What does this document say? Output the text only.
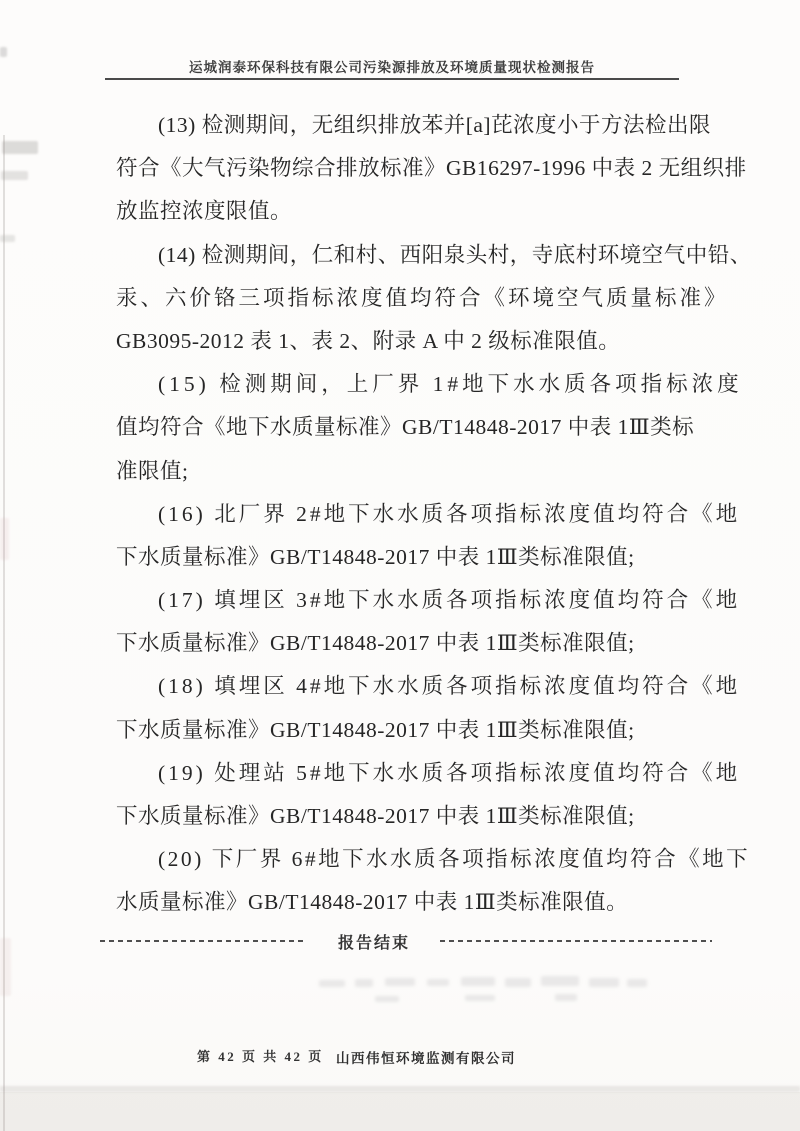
运城润泰环保科技有限公司污染源排放及环境质量现状检测报告
(13) 检测期间，无组织排放苯并[a]芘浓度小于方法检出限
符合《大气污染物综合排放标准》GB16297-1996 中表 2 无组织排
放监控浓度限值。
(14) 检测期间，仁和村、西阳泉头村，寺底村环境空气中铅、
汞、六价铬三项指标浓度值均符合《环境空气质量标准》
GB3095-2012 表 1、表 2、附录 A 中 2 级标准限值。
(15) 检测期间，上厂界 1#地下水水质各项指标浓度
值均符合《地下水质量标准》GB/T14848-2017 中表 1Ⅲ类标
准限值;
(16) 北厂界 2#地下水水质各项指标浓度值均符合《地
下水质量标准》GB/T14848-2017 中表 1Ⅲ类标准限值;
(17) 填埋区 3#地下水水质各项指标浓度值均符合《地
下水质量标准》GB/T14848-2017 中表 1Ⅲ类标准限值;
(18) 填埋区 4#地下水水质各项指标浓度值均符合《地
下水质量标准》GB/T14848-2017 中表 1Ⅲ类标准限值;
(19) 处理站 5#地下水水质各项指标浓度值均符合《地
下水质量标准》GB/T14848-2017 中表 1Ⅲ类标准限值;
(20) 下厂界 6#地下水水质各项指标浓度值均符合《地下
水质量标准》GB/T14848-2017 中表 1Ⅲ类标准限值。
报告结束
第 42 页 共 42 页 山西伟恒环境监测有限公司
